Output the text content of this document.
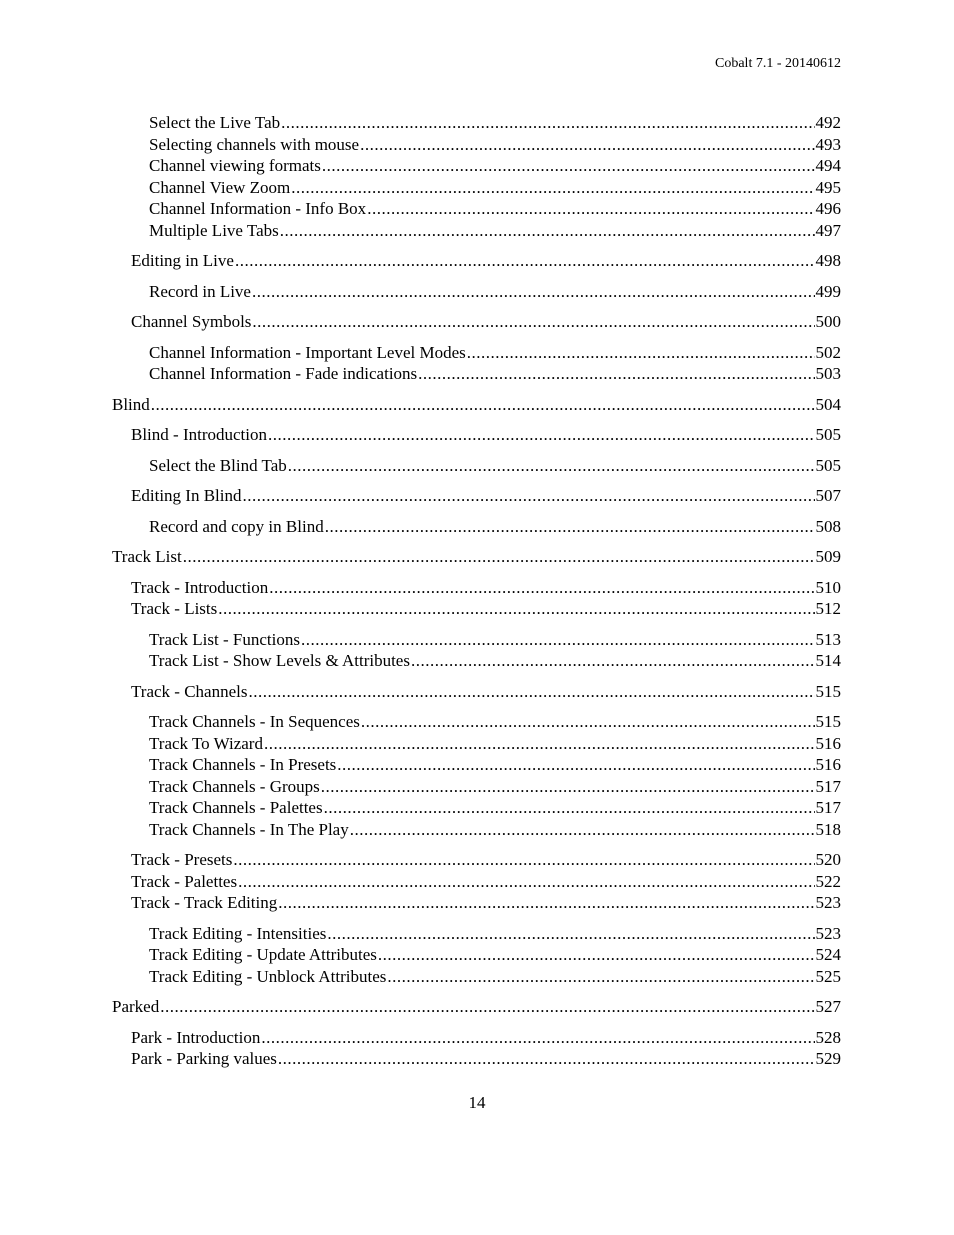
Cobalt 7.1 - 20140612
Select the Live Tab .....	492
Selecting channels with mouse .....	493
Channel viewing formats .....	494
Channel View Zoom .....	495
Channel Information - Info Box .....	496
Multiple Live Tabs .....	497
Editing in Live .....	498
Record in Live .....	499
Channel Symbols .....	500
Channel Information - Important Level Modes .....	502
Channel Information - Fade indications .....	503
Blind .....	504
Blind - Introduction .....	505
Select the Blind Tab .....	505
Editing In Blind .....	507
Record and copy in Blind .....	508
Track List .....	509
Track - Introduction .....	510
Track - Lists .....	512
Track List - Functions .....	513
Track List - Show Levels & Attributes .....	514
Track - Channels .....	515
Track Channels - In Sequences .....	515
Track To Wizard .....	516
Track Channels - In Presets .....	516
Track Channels - Groups .....	517
Track Channels - Palettes .....	517
Track Channels - In The Play .....	518
Track - Presets .....	520
Track - Palettes .....	522
Track - Track Editing .....	523
Track Editing - Intensities .....	523
Track Editing - Update Attributes .....	524
Track Editing - Unblock Attributes .....	525
Parked .....	527
Park - Introduction .....	528
Park - Parking values .....	529
14
